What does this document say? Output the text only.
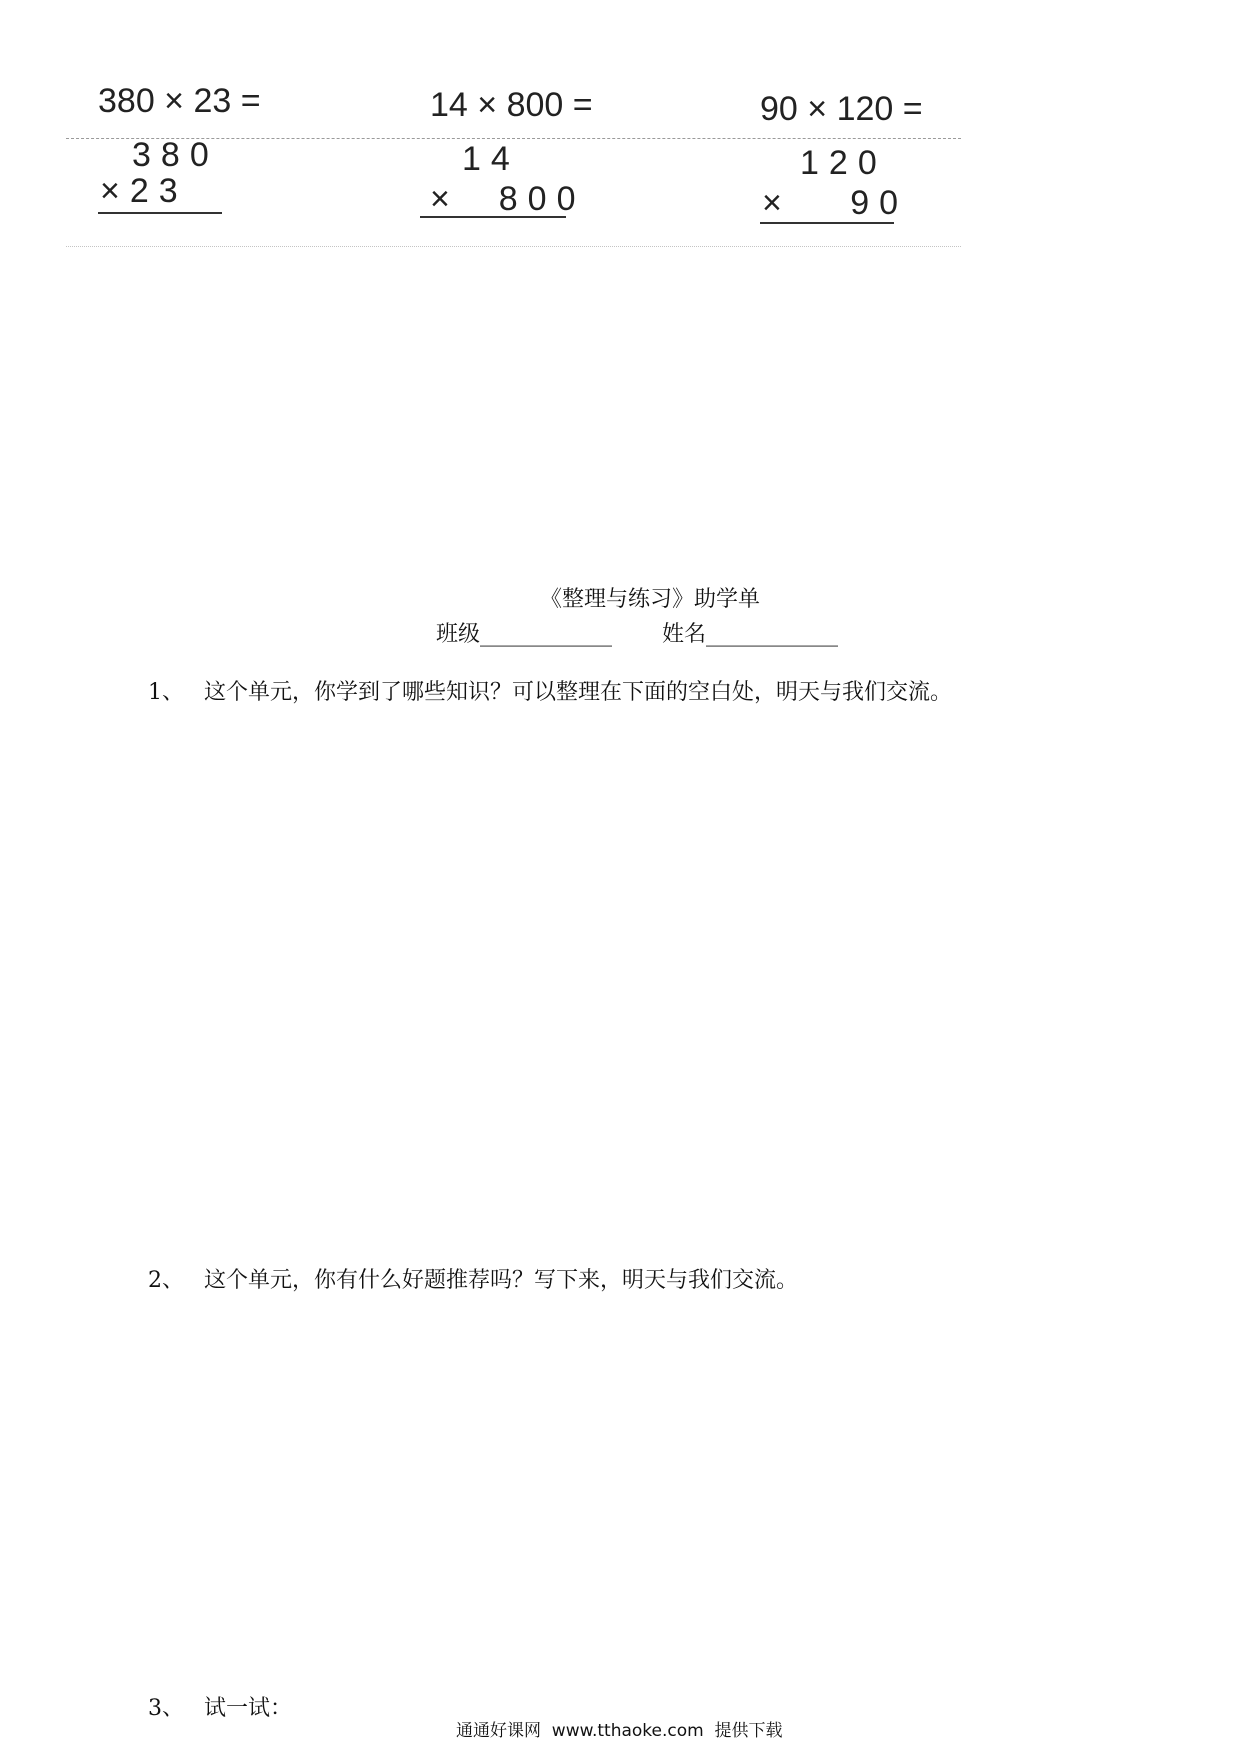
380 × 23 =	14 × 800 =	90 × 120 =
380
×23
14
×  800
120
×   90
《整理与练习》助学单
班级____________ 姓名____________

1、 这个单元，你学到了哪些知识？可以整理在下面的空白处，明天与我们交流。

2、 这个单元，你有什么好题推荐吗？写下来，明天与我们交流。

3、 试一试：

通通好课网  www.tthaoke.com  提供下载
